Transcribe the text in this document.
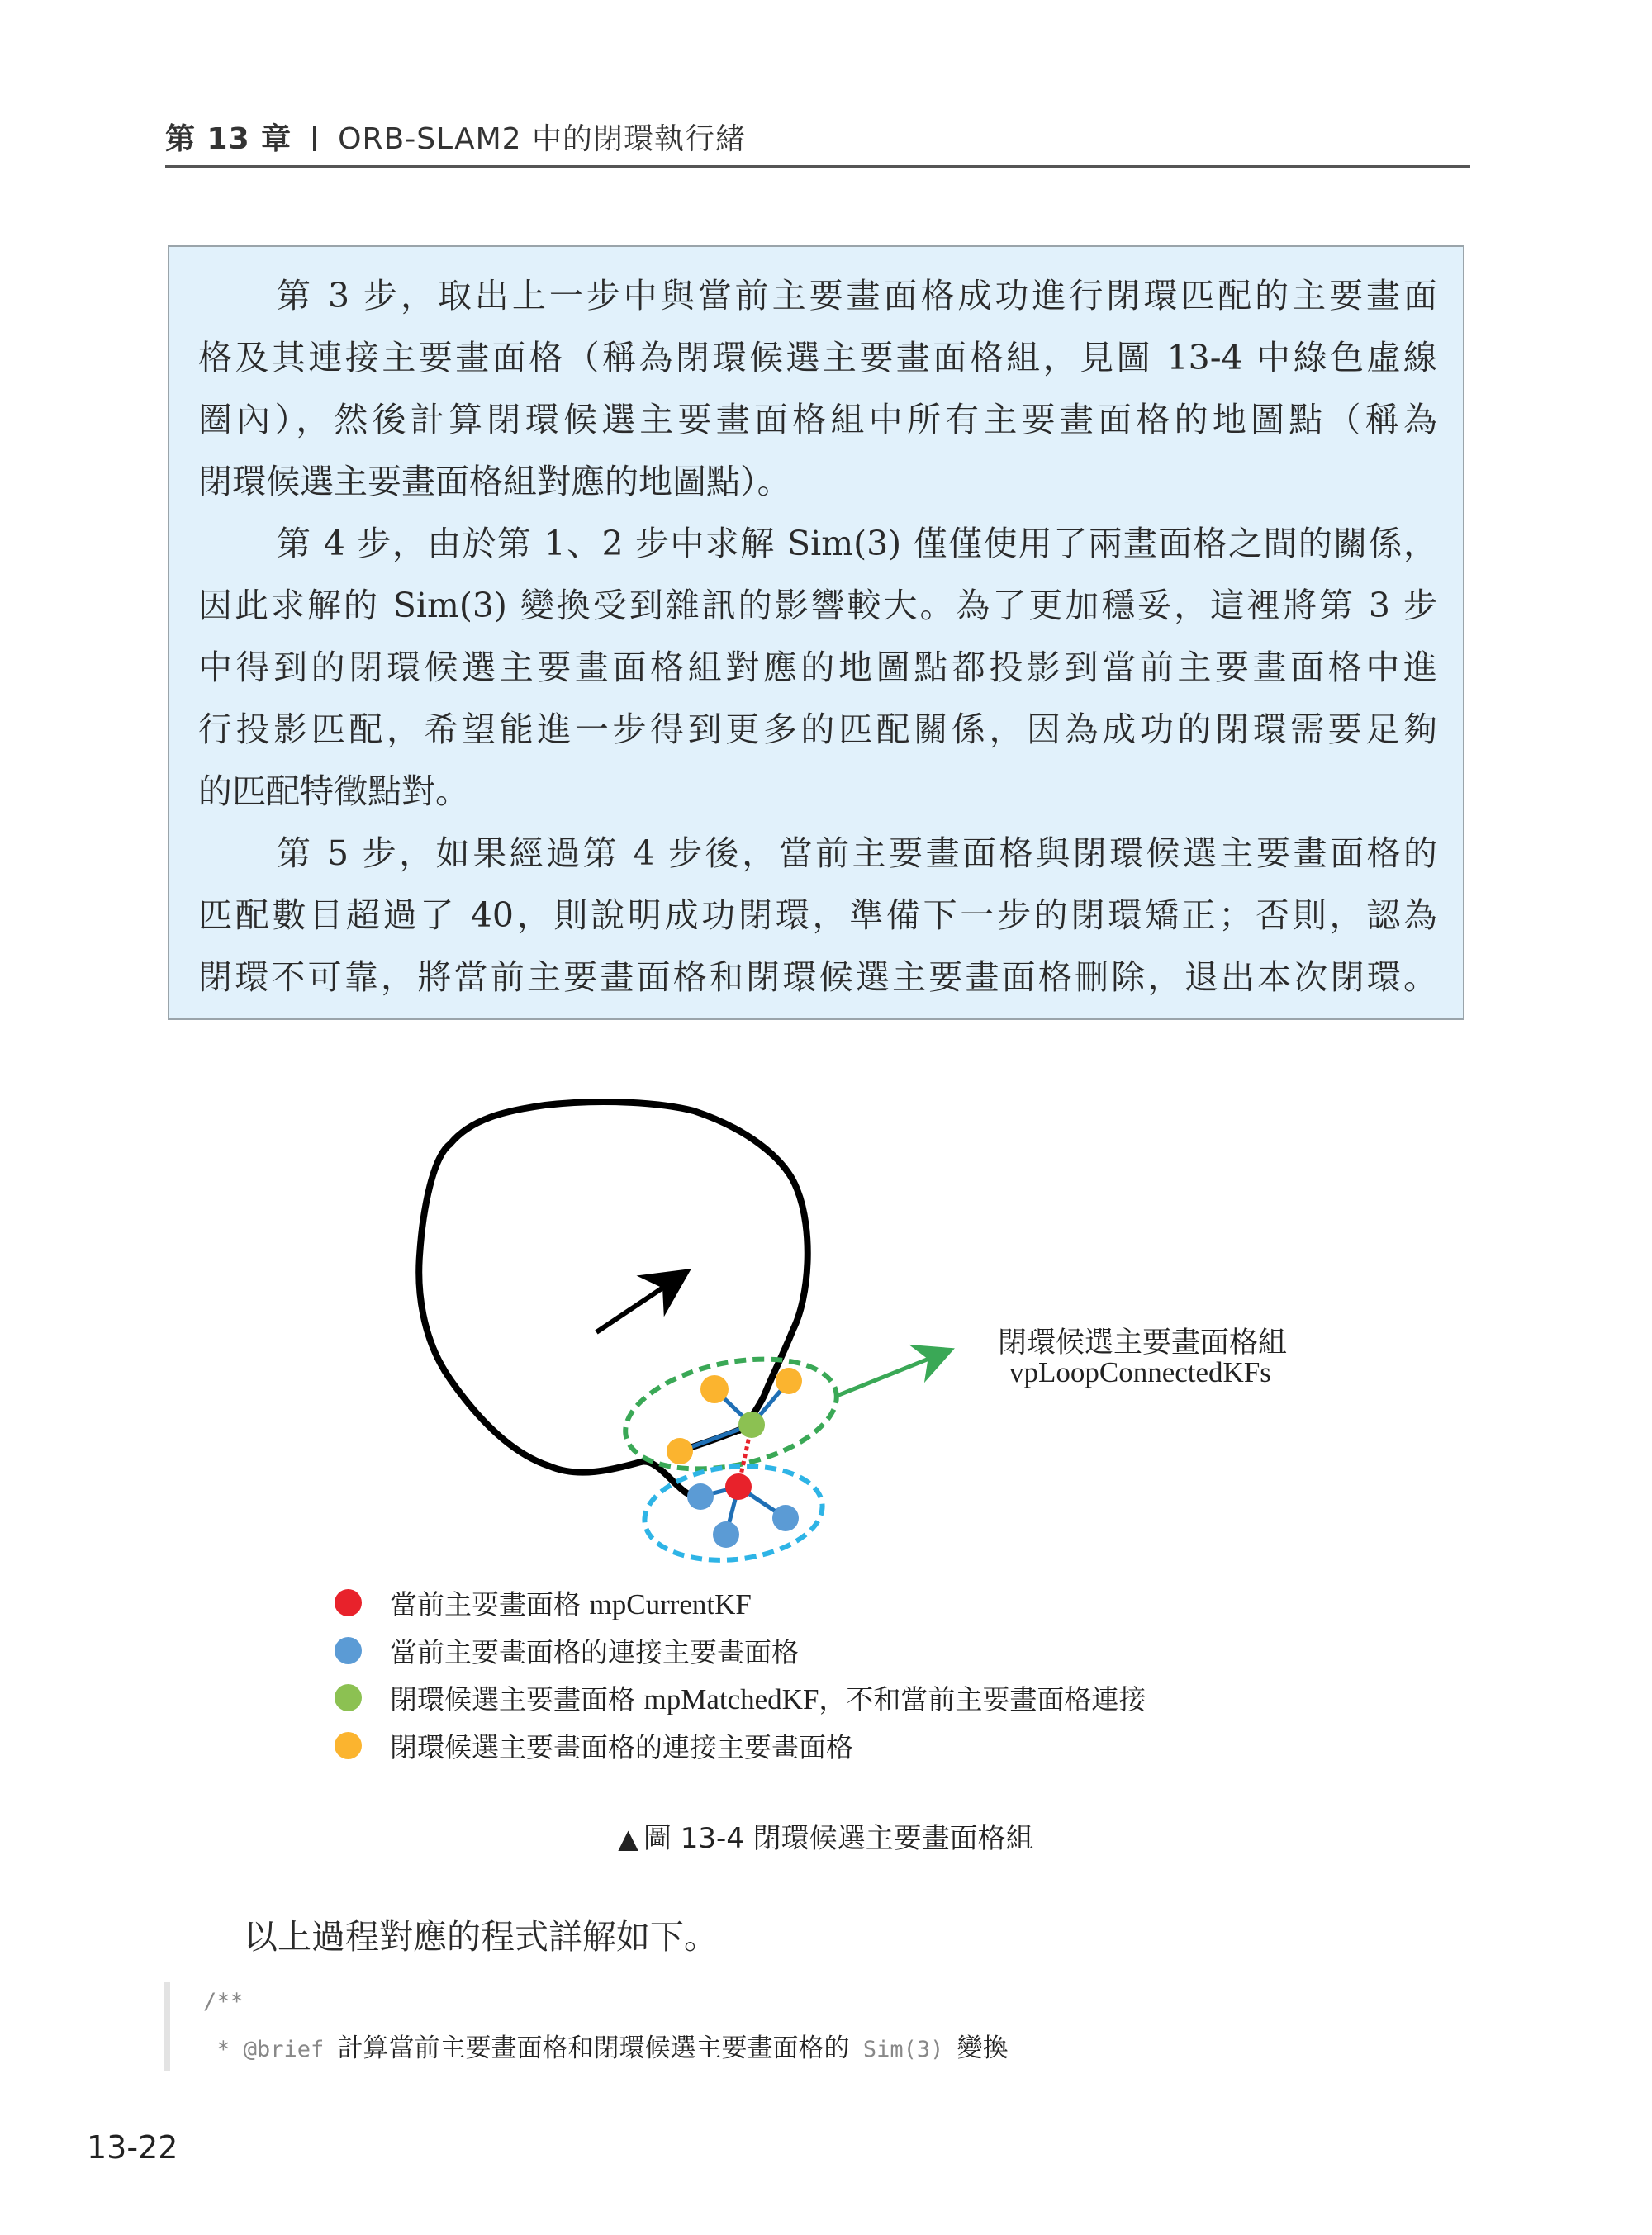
第 13 章 ORB-SLAM2 中的閉環執行緒
第 3 步，取出上一步中與當前主要畫面格成功進行閉環匹配的主要畫面
格及其連接主要畫面格（稱為閉環候選主要畫面格組，見圖 13-4 中綠色虛線
圈內），然後計算閉環候選主要畫面格組中所有主要畫面格的地圖點（稱為
閉環候選主要畫面格組對應的地圖點）。
第 4 步，由於第 1、2 步中求解 Sim(3) 僅僅使用了兩畫面格之間的關係，
因此求解的 Sim(3) 變換受到雜訊的影響較大。為了更加穩妥，這裡將第 3 步
中得到的閉環候選主要畫面格組對應的地圖點都投影到當前主要畫面格中進
行投影匹配，希望能進一步得到更多的匹配關係，因為成功的閉環需要足夠
的匹配特徵點對。
第 5 步，如果經過第 4 步後，當前主要畫面格與閉環候選主要畫面格的
匹配數目超過了 40，則說明成功閉環，準備下一步的閉環矯正；否則，認為
閉環不可靠，將當前主要畫面格和閉環候選主要畫面格刪除，退出本次閉環。
閉環候選主要畫面格組
vpLoopConnectedKFs
當前主要畫面格 mpCurrentKF
當前主要畫面格的連接主要畫面格
閉環候選主要畫面格 mpMatchedKF，不和當前主要畫面格連接
閉環候選主要畫面格的連接主要畫面格
▲ 圖 13-4 閉環候選主要畫面格組
以上過程對應的程式詳解如下。
/**
* @brief 計算當前主要畫面格和閉環候選主要畫面格的 Sim(3) 變換
13-22
